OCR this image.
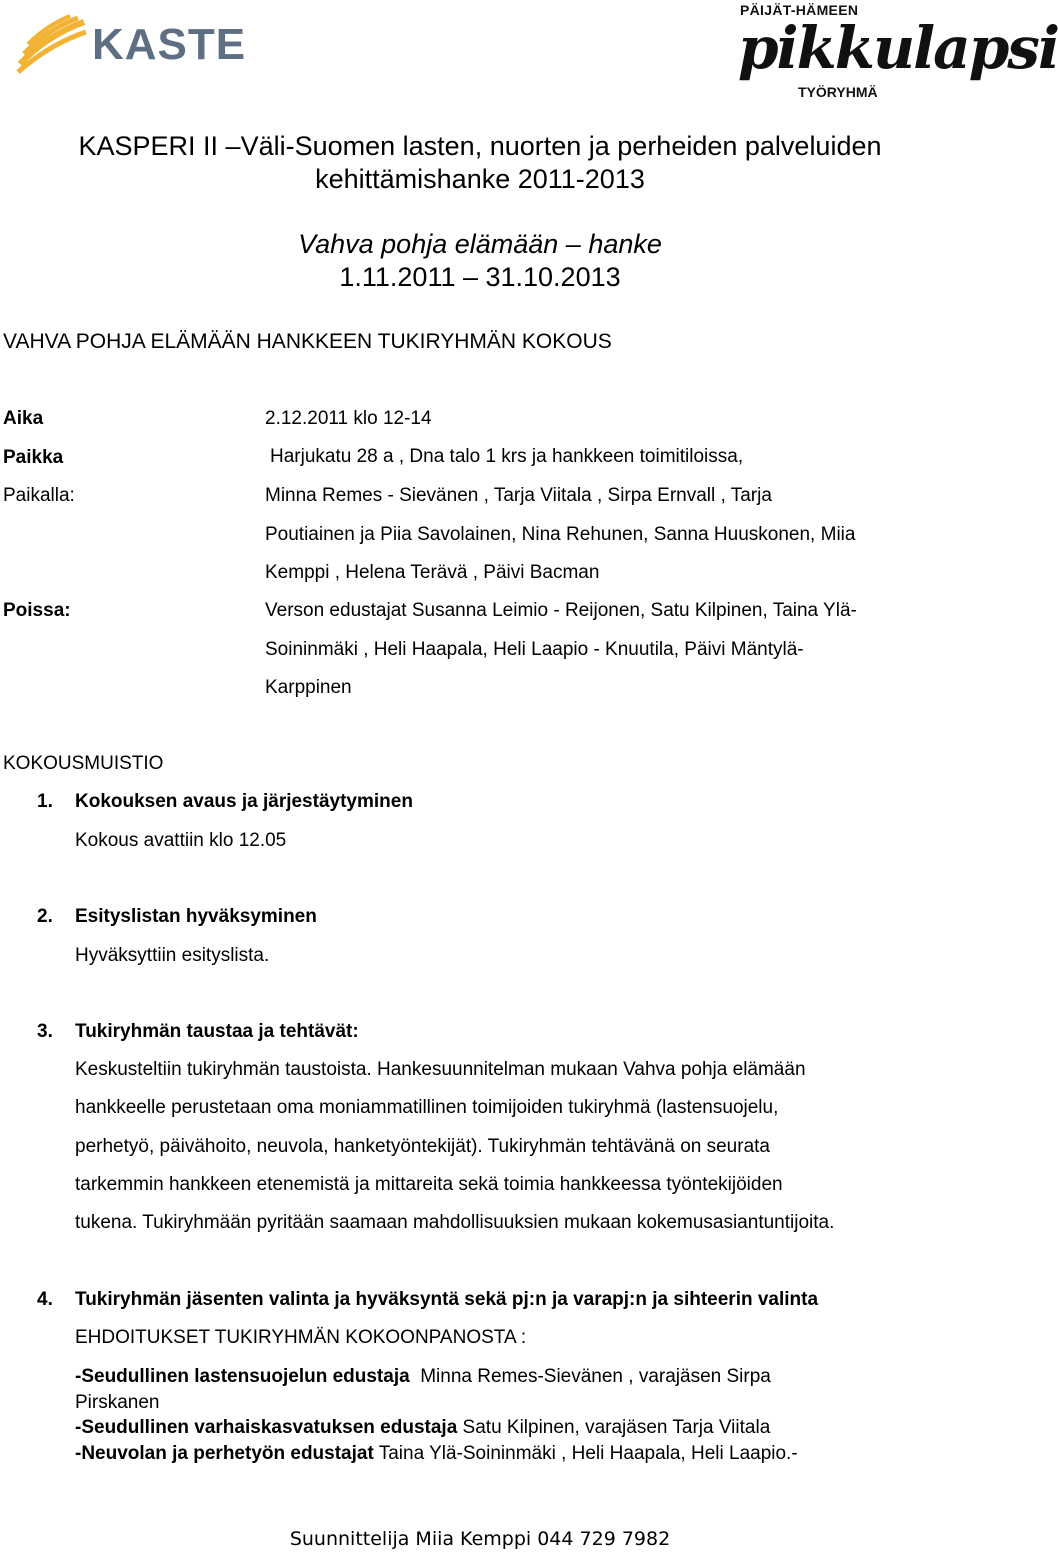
KASTE
PÄIJÄT-HÄMEEN
pikkulapsi
TYÖRYHMÄ
KASPERI II –Väli-Suomen lasten, nuorten ja perheiden palveluiden
kehittämishanke 2011-2013
Vahva pohja elämään – hanke
1.11.2011 – 31.10.2013
VAHVA POHJA ELÄMÄÄN HANKKEEN TUKIRYHMÄN KOKOUS
Aika	2.12.2011 klo 12-14
Paikka	Harjukatu 28 a , Dna talo 1 krs ja hankkeen toimitiloissa,
Paikalla:	Minna Remes - Sievänen , Tarja Viitala , Sirpa Ernvall , Tarja
Poutiainen ja Piia Savolainen, Nina Rehunen, Sanna Huuskonen, Miia
Kemppi , Helena Terävä , Päivi Bacman
Poissa:	Verson edustajat Susanna Leimio - Reijonen, Satu Kilpinen, Taina Ylä-
Soininmäki , Heli Haapala, Heli Laapio - Knuutila, Päivi Mäntylä-
Karppinen
KOKOUSMUISTIO
1. Kokouksen avaus ja järjestäytyminen
Kokous avattiin klo 12.05
2. Esityslistan hyväksyminen
Hyväksyttiin esityslista.
3. Tukiryhmän taustaa ja tehtävät:
Keskusteltiin tukiryhmän taustoista. Hankesuunnitelman mukaan Vahva pohja elämään
hankkeelle perustetaan oma moniammatillinen toimijoiden tukiryhmä (lastensuojelu,
perhetyö, päivähoito, neuvola, hanketyöntekijät). Tukiryhmän tehtävänä on seurata
tarkemmin hankkeen etenemistä ja mittareita sekä toimia hankkeessa työntekijöiden
tukena. Tukiryhmään pyritään saamaan mahdollisuuksien mukaan kokemusasiantuntijoita.
4. Tukiryhmän jäsenten valinta ja hyväksyntä sekä pj:n ja varapj:n ja sihteerin valinta
EHDOITUKSET TUKIRYHMÄN KOKOONPANOSTA :
-Seudullinen lastensuojelun edustaja  Minna Remes-Sievänen , varajäsen Sirpa
Pirskanen
-Seudullinen varhaiskasvatuksen edustaja Satu Kilpinen, varajäsen Tarja Viitala
-Neuvolan ja perhetyön edustajat Taina Ylä-Soininmäki , Heli Haapala, Heli Laapio.-
Suunnittelija Miia Kemppi 044 729 7982
